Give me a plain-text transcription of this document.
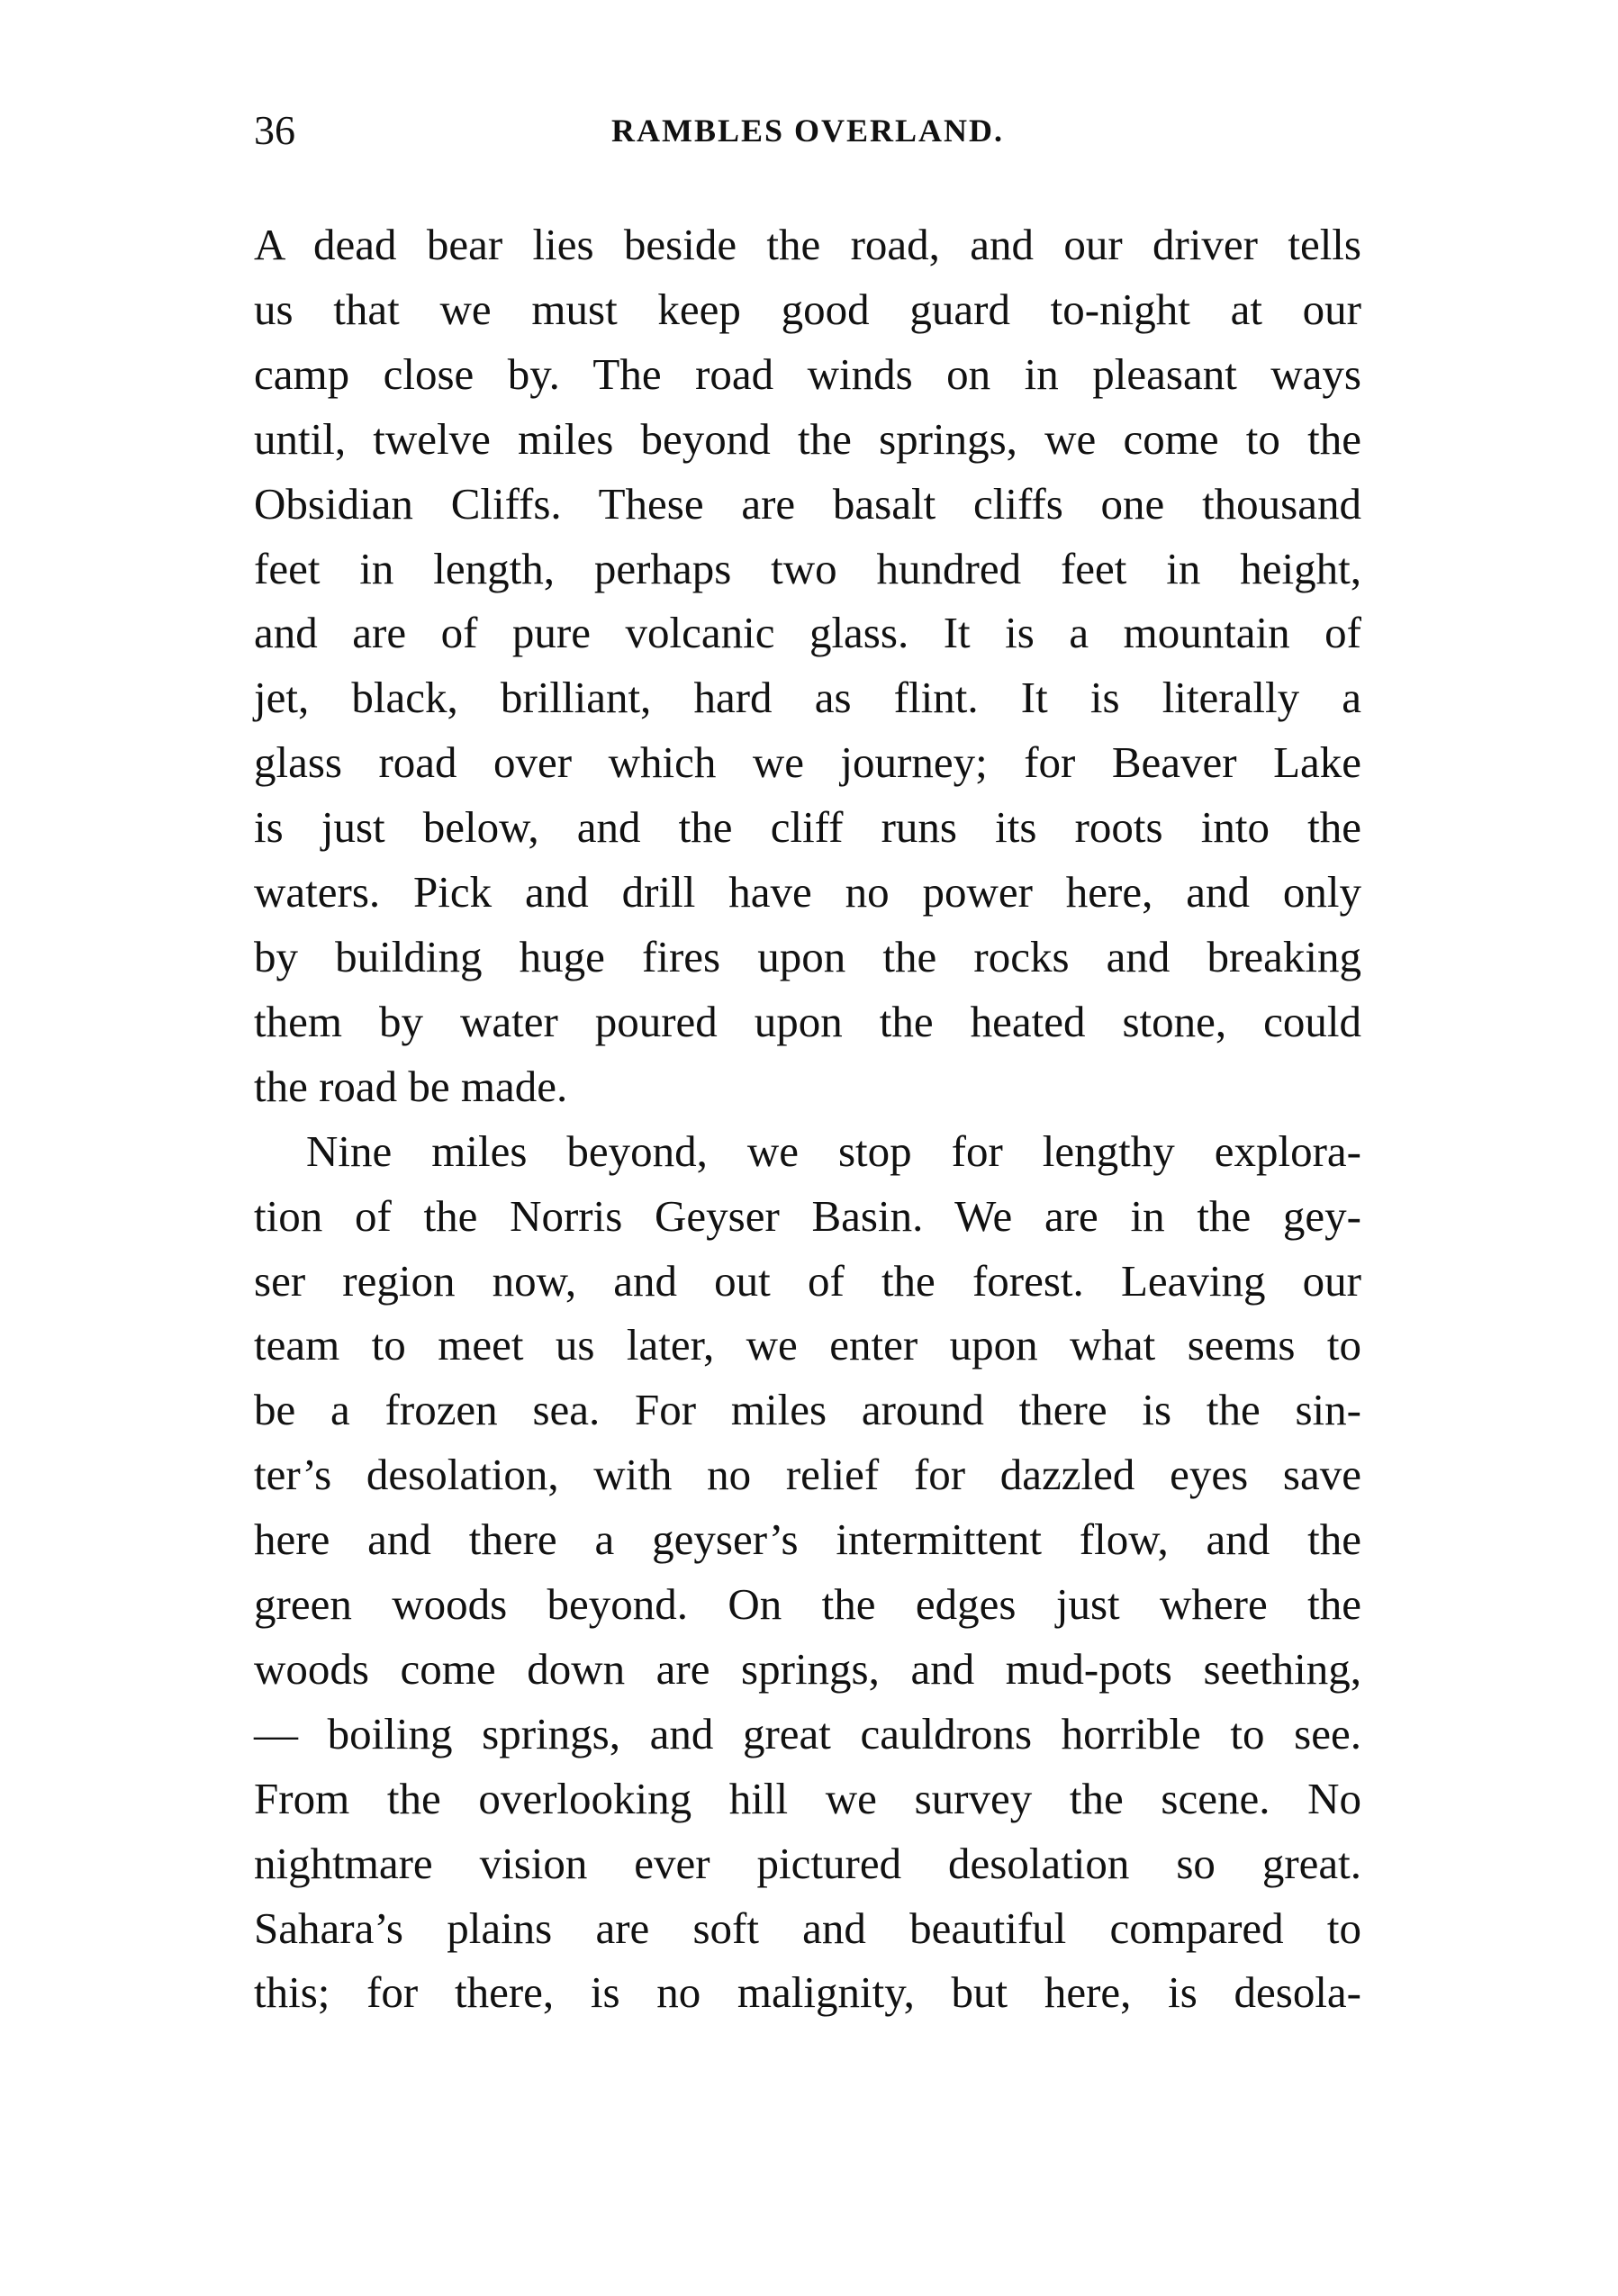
36	RAMBLES OVERLAND.
A dead bear lies beside the road, and our driver tells
us that we must keep good guard to-night at our
camp close by. The road winds on in pleasant ways
until, twelve miles beyond the springs, we come to the
Obsidian Cliffs. These are basalt cliffs one thousand
feet in length, perhaps two hundred feet in height,
and are of pure volcanic glass. It is a mountain of
jet, black, brilliant, hard as flint. It is literally a
glass road over which we journey; for Beaver Lake
is just below, and the cliff runs its roots into the
waters. Pick and drill have no power here, and only
by building huge fires upon the rocks and breaking
them by water poured upon the heated stone, could
the road be made.
Nine miles beyond, we stop for lengthy explora-
tion of the Norris Geyser Basin. We are in the gey-
ser region now, and out of the forest. Leaving our
team to meet us later, we enter upon what seems to
be a frozen sea. For miles around there is the sin-
ter’s desolation, with no relief for dazzled eyes save
here and there a geyser’s intermittent flow, and the
green woods beyond. On the edges just where the
woods come down are springs, and mud-pots seething,
— boiling springs, and great cauldrons horrible to see.
From the overlooking hill we survey the scene. No
nightmare vision ever pictured desolation so great.
Sahara’s plains are soft and beautiful compared to
this; for there, is no malignity, but here, is desola-
